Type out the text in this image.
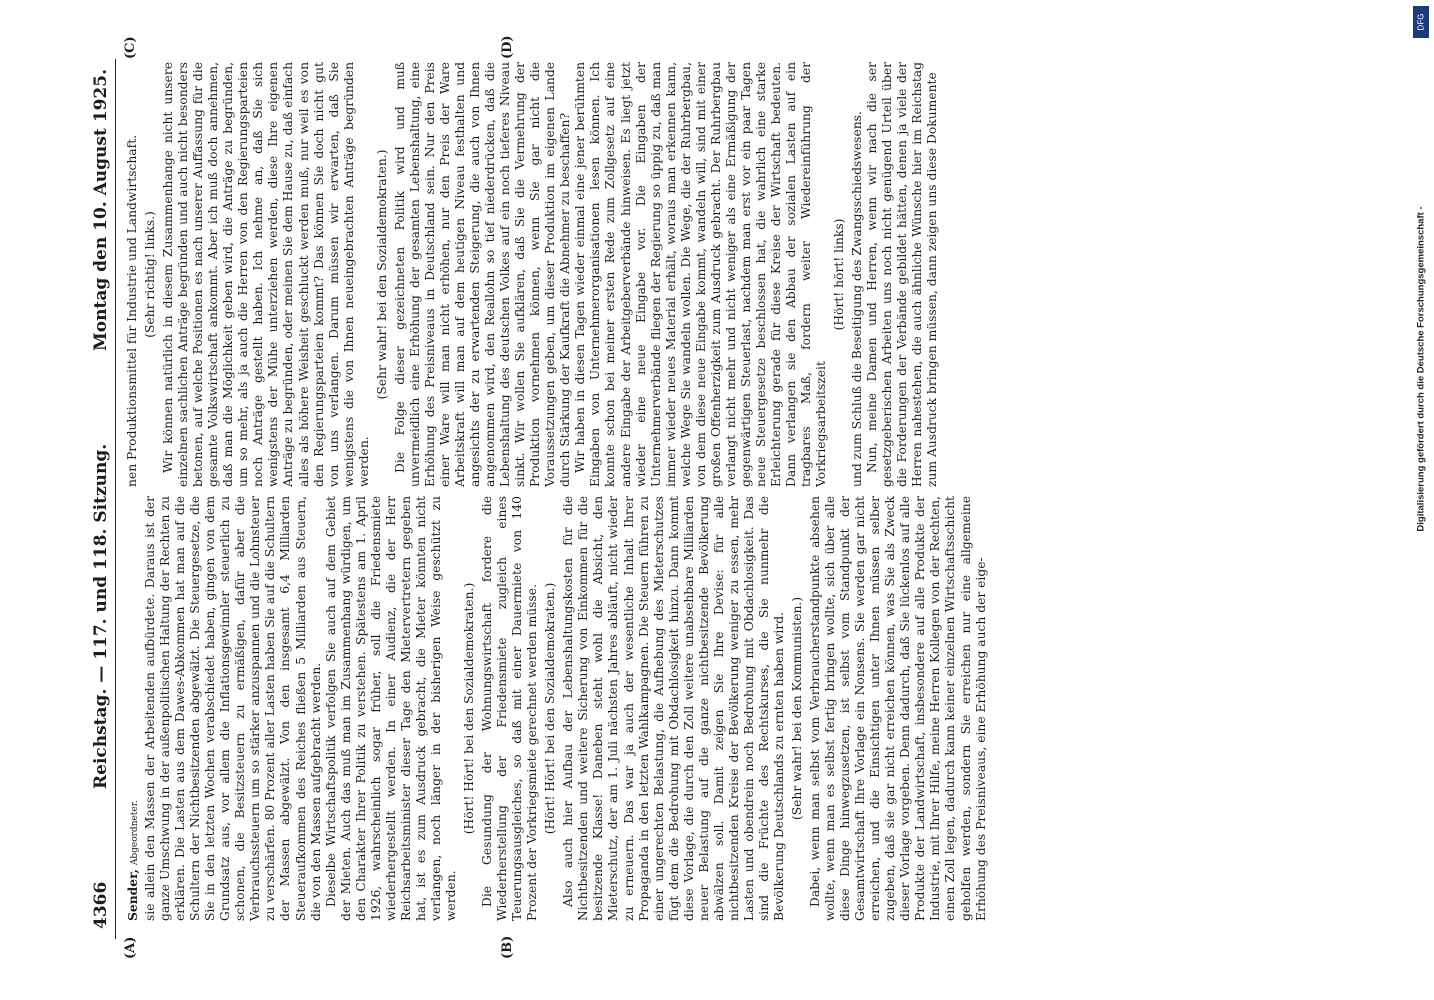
4366
Reichstag. — 117. und 118. Sitzung.
Montag den 10. August 1925.
(A)	(B)
(C)	(D)

Sender, Abgeordneter. sie allein den Massen der Arbeitenden aufbürdete. Daraus ist der ganze Umschwung in der außenpolitischen Haltung der Rechten zu erklären. Die Lasten aus dem Dawes-Abkommen hat man auf die Schultern der Nichtbesitzenden abgewälzt. Die Steuergesetze, die Sie in den letzten Wochen verabschiedet haben, gingen von dem Grundsatz aus, vor allem die Inflationsgewinnler steuerlich zu schonen, die Besitzsteuern zu ermäßigen, dafür aber die Verbrauchssteuern um so stärker anzuspannen und die Lohnsteuer zu verschärfen. 80 Prozent aller Lasten haben Sie auf die Schultern der Massen abgewälzt. Von den insgesamt 6,4 Milliarden Steueraufkommen des Reiches fließen 5 Milliarden aus Steuern, die von den Massen aufgebracht werden. Dieselbe Wirtschaftspolitik verfolgen Sie auch auf dem Gebiet der Mieten. Auch das muß man im Zusammenhang würdigen, um den Charakter Ihrer Politik zu verstehen. Spätestens am 1. April 1926, wahrscheinlich sogar früher, soll die Friedensmiete wiederhergestellt werden. In einer Audienz, die der Herr Reichsarbeitsminister dieser Tage den Mietervertretern gegeben hat, ist es zum Ausdruck gebracht, die Mieter könnten nicht verlangen, noch länger in der bisherigen Weise geschützt zu werden.

(Hört! Hört! bei den Sozialdemokraten.) Die Gesundung der Wohnungswirtschaft fordere die Wiederherstellung der Friedensmiete zugleich eines Teuerungsausgleiches, so daß mit einer Dauermiete von 140 Prozent der Vorkriegsmiete gerechnet werden müsse. (Hört! Hört! bei den Sozialdemokraten.) Also auch hier Aufbau der Lebenshaltungskosten für die Nichtbesitzenden und weitere Sicherung von Einkommen für die besitzende Klasse! Daneben steht wohl die Absicht, den Mieterschutz, der am 1. Juli nächsten Jahres abläuft, nicht wieder zu erneuern. Das war ja auch der wesentliche Inhalt Ihrer Propaganda in den letzten Wahlkampagnen. Die Steuern führen zu einer ungerechten Belastung, die Aufhebung des Mieterschutzes fügt dem die Bedrohung mit Obdachlosigkeit hinzu. Dann kommt diese Vorlage, die durch den Zoll weitere unabsehbare Milliarden neuer Belastung auf die ganze nichtbesitzende Bevölkerung abwälzen soll. Damit zeigen Sie Ihre Devise: für alle nichtbesitzenden Kreise der Bevölkerung weniger zu essen, mehr Lasten und obendrein noch Bedrohung mit Obdachlosigkeit. Das sind die Früchte des Rechtskurses, die Sie nunmehr die Bevölkerung Deutschlands zu ernten haben wird. (Sehr wahr! bei den Kommunisten.) Dabei, wenn man selbst vom Verbraucherstandpunkte absehen wollte, wenn man es selbst fertig bringen wollte, sich über alle diese Dinge hinwegzusetzen, ist selbst vom Standpunkt der Gesamtwirtschaft Ihre Vorlage ein Nonsens. Sie werden gar nicht erreichen, und die Einsichtigen unter Ihnen müssen selber zugeben, daß sie gar nicht erreichen können, was Sie als Zweck dieser Vorlage vorgeben. Denn dadurch, daß Sie lückenlos auf alle Produkte der Landwirtschaft, insbesondere auf alle Produkte der Industrie, mit Ihrer Hilfe, meine Herren Kollegen von der Rechten, einen Zoll legen, dadurch kann keiner einzelnen Wirtschaftsschicht geholfen werden, sondern Sie erreichen nur eine allgemeine Erhöhung des Preisniveaus, eine Erhöhung auch der eige-

nen Produktionsmittel für Industrie und Landwirtschaft. (Sehr richtig! links.) Wir können natürlich in diesem Zusammenhange nicht unsere einzelnen sachlichen Anträge begründen und auch nicht besonders betonen, auf welche Positionen es nach unserer Auffassung für die gesamte Volkswirtschaft ankommt. Aber ich muß doch annehmen, daß man die Möglichkeit geben wird, die Anträge zu begründen, um so mehr, als ja auch die Herren von den Regierungsparteien noch Anträge gestellt haben. Ich nehme an, daß Sie sich wenigstens der Mühe unterziehen werden, diese Ihre eigenen Anträge zu begründen, oder meinen Sie dem Hause zu, daß einfach alles als höhere Weisheit geschluckt werden muß, nur weil es von den Regierungsparteien kommt? Das können Sie doch nicht gut von uns verlangen. Darum müssen wir erwarten, daß Sie wenigstens die von Ihnen neueingebrachten Anträge begründen werden.

(Sehr wahr! bei den Sozialdemokraten.) Die Folge dieser gezeichneten Politik wird und muß unvermeidlich eine Erhöhung der gesamten Lebenshaltung, eine Erhöhung des Preisniveaus in Deutschland sein. Nur den Preis einer Ware will man nicht erhöhen, nur den Preis der Ware Arbeitskraft will man auf dem heutigen Niveau festhalten und angesichts der zu erwartenden Steigerung, die auch von Ihnen angenommen wird, den Reallohn so tief niederdrücken, daß die Lebenshaltung des deutschen Volkes auf ein noch tieferes Niveau sinkt. Wir wollen Sie aufklären, daß Sie die Vermehrung der Produktion vornehmen können, wenn Sie gar nicht die Voraussetzungen geben, um dieser Produktion im eigenen Lande durch Stärkung der Kaufkraft die Abnehmer zu beschaffen? Wir haben in diesen Tagen wieder einmal eine jener berühmten Eingaben von Unternehmerorganisationen lesen können. Ich konnte schon bei meiner ersten Rede zum Zollgesetz auf eine andere Eingabe der Arbeitgeberverbände hinweisen. Es liegt jetzt wieder eine neue Eingabe vor. Die Eingaben der Unternehmerverbände fliegen der Regierung so üppig zu, daß man immer wieder neues Material erhält, woraus man erkennen kann, welche Wege Sie wandeln wollen. Die Wege, die der Ruhrbergbau, von dem diese neue Eingabe kommt, wandeln will, sind mit einer großen Offenherzigkeit zum Ausdruck gebracht. Der Ruhrbergbau verlangt nicht mehr und nicht weniger als eine Ermäßigung der gegenwärtigen Steuerlast, nachdem man erst vor ein paar Tagen neue Steuergesetze beschlossen hat, die wahrlich eine starke Erleichterung gerade für diese Kreise der Wirtschaft bedeuten. Dann verlangen sie den Abbau der sozialen Lasten auf ein tragbares Maß, fordern weiter Wiedereinführung der Vorkriegsarbeitszeit

(Hört! hört! links) und zum Schluß die Beseitigung des Zwangsschiedswesens. Nun, meine Damen und Herren, wenn wir nach die ser gesetzgeberischen Arbeiten uns noch nicht genügend Urteil über die Forderungen der Verbände gebildet hätten, denen ja viele der Herren nahestehen, die auch ähnliche Wünsche hier im Reichstag zum Ausdruck bringen müssen, dann zeigen uns diese Dokumente

DFG
Digitalisierung gefördert durch die Deutsche Forschungsgemeinschaft -
